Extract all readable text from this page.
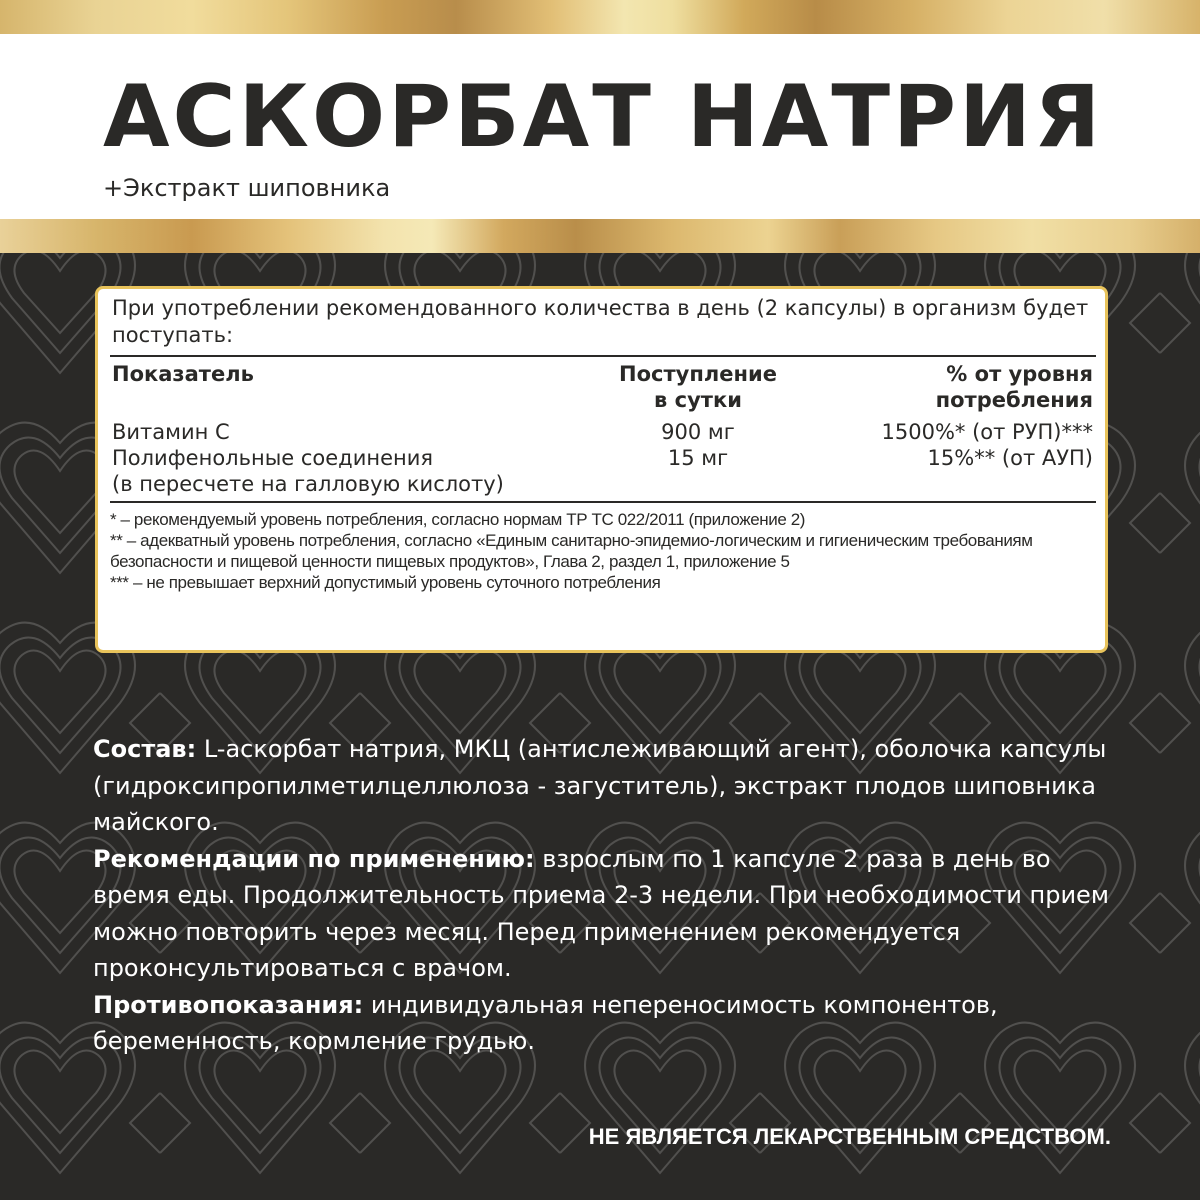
АСКОРБАТ НАТРИЯ
+Экстракт шиповника
При употреблении рекомендованного количества в день (2 капсулы) в организм будет поступать:
Показатель	Поступление
в сутки
% от уровня
потребления
Витамин C
Полифенольные соединения
(в пересчете на галловую кислоту)
900 мг
15 мг
1500%* (от РУП)***
15%** (от АУП)
* – рекомендуемый уровень потребления, согласно нормам ТР ТС 022/2011 (приложение 2)
** – адекватный уровень потребления, согласно «Единым санитарно-эпидемио-логическим и гигиеническим требованиям безопасности и пищевой ценности пищевых продуктов», Глава 2, раздел 1, приложение 5
*** – не превышает верхний допустимый уровень суточного потребления

Состав: L-аскорбат натрия, МКЦ (антислеживающий агент), оболочка капсулы (гидроксипропилметилцеллюлоза - загуститель), экстракт плодов шиповника майского.

Рекомендации по применению: взрослым по 1 капсуле 2 раза в день во время еды. Продолжительность приема 2-3 недели. При необходимости прием можно повторить через месяц. Перед применением рекомендуется проконсультироваться с врачом.

Противопоказания: индивидуальная непереносимость компонентов, беременность, кормление грудью.

НЕ ЯВЛЯЕТСЯ ЛЕКАРСТВЕННЫМ СРЕДСТВОМ.
